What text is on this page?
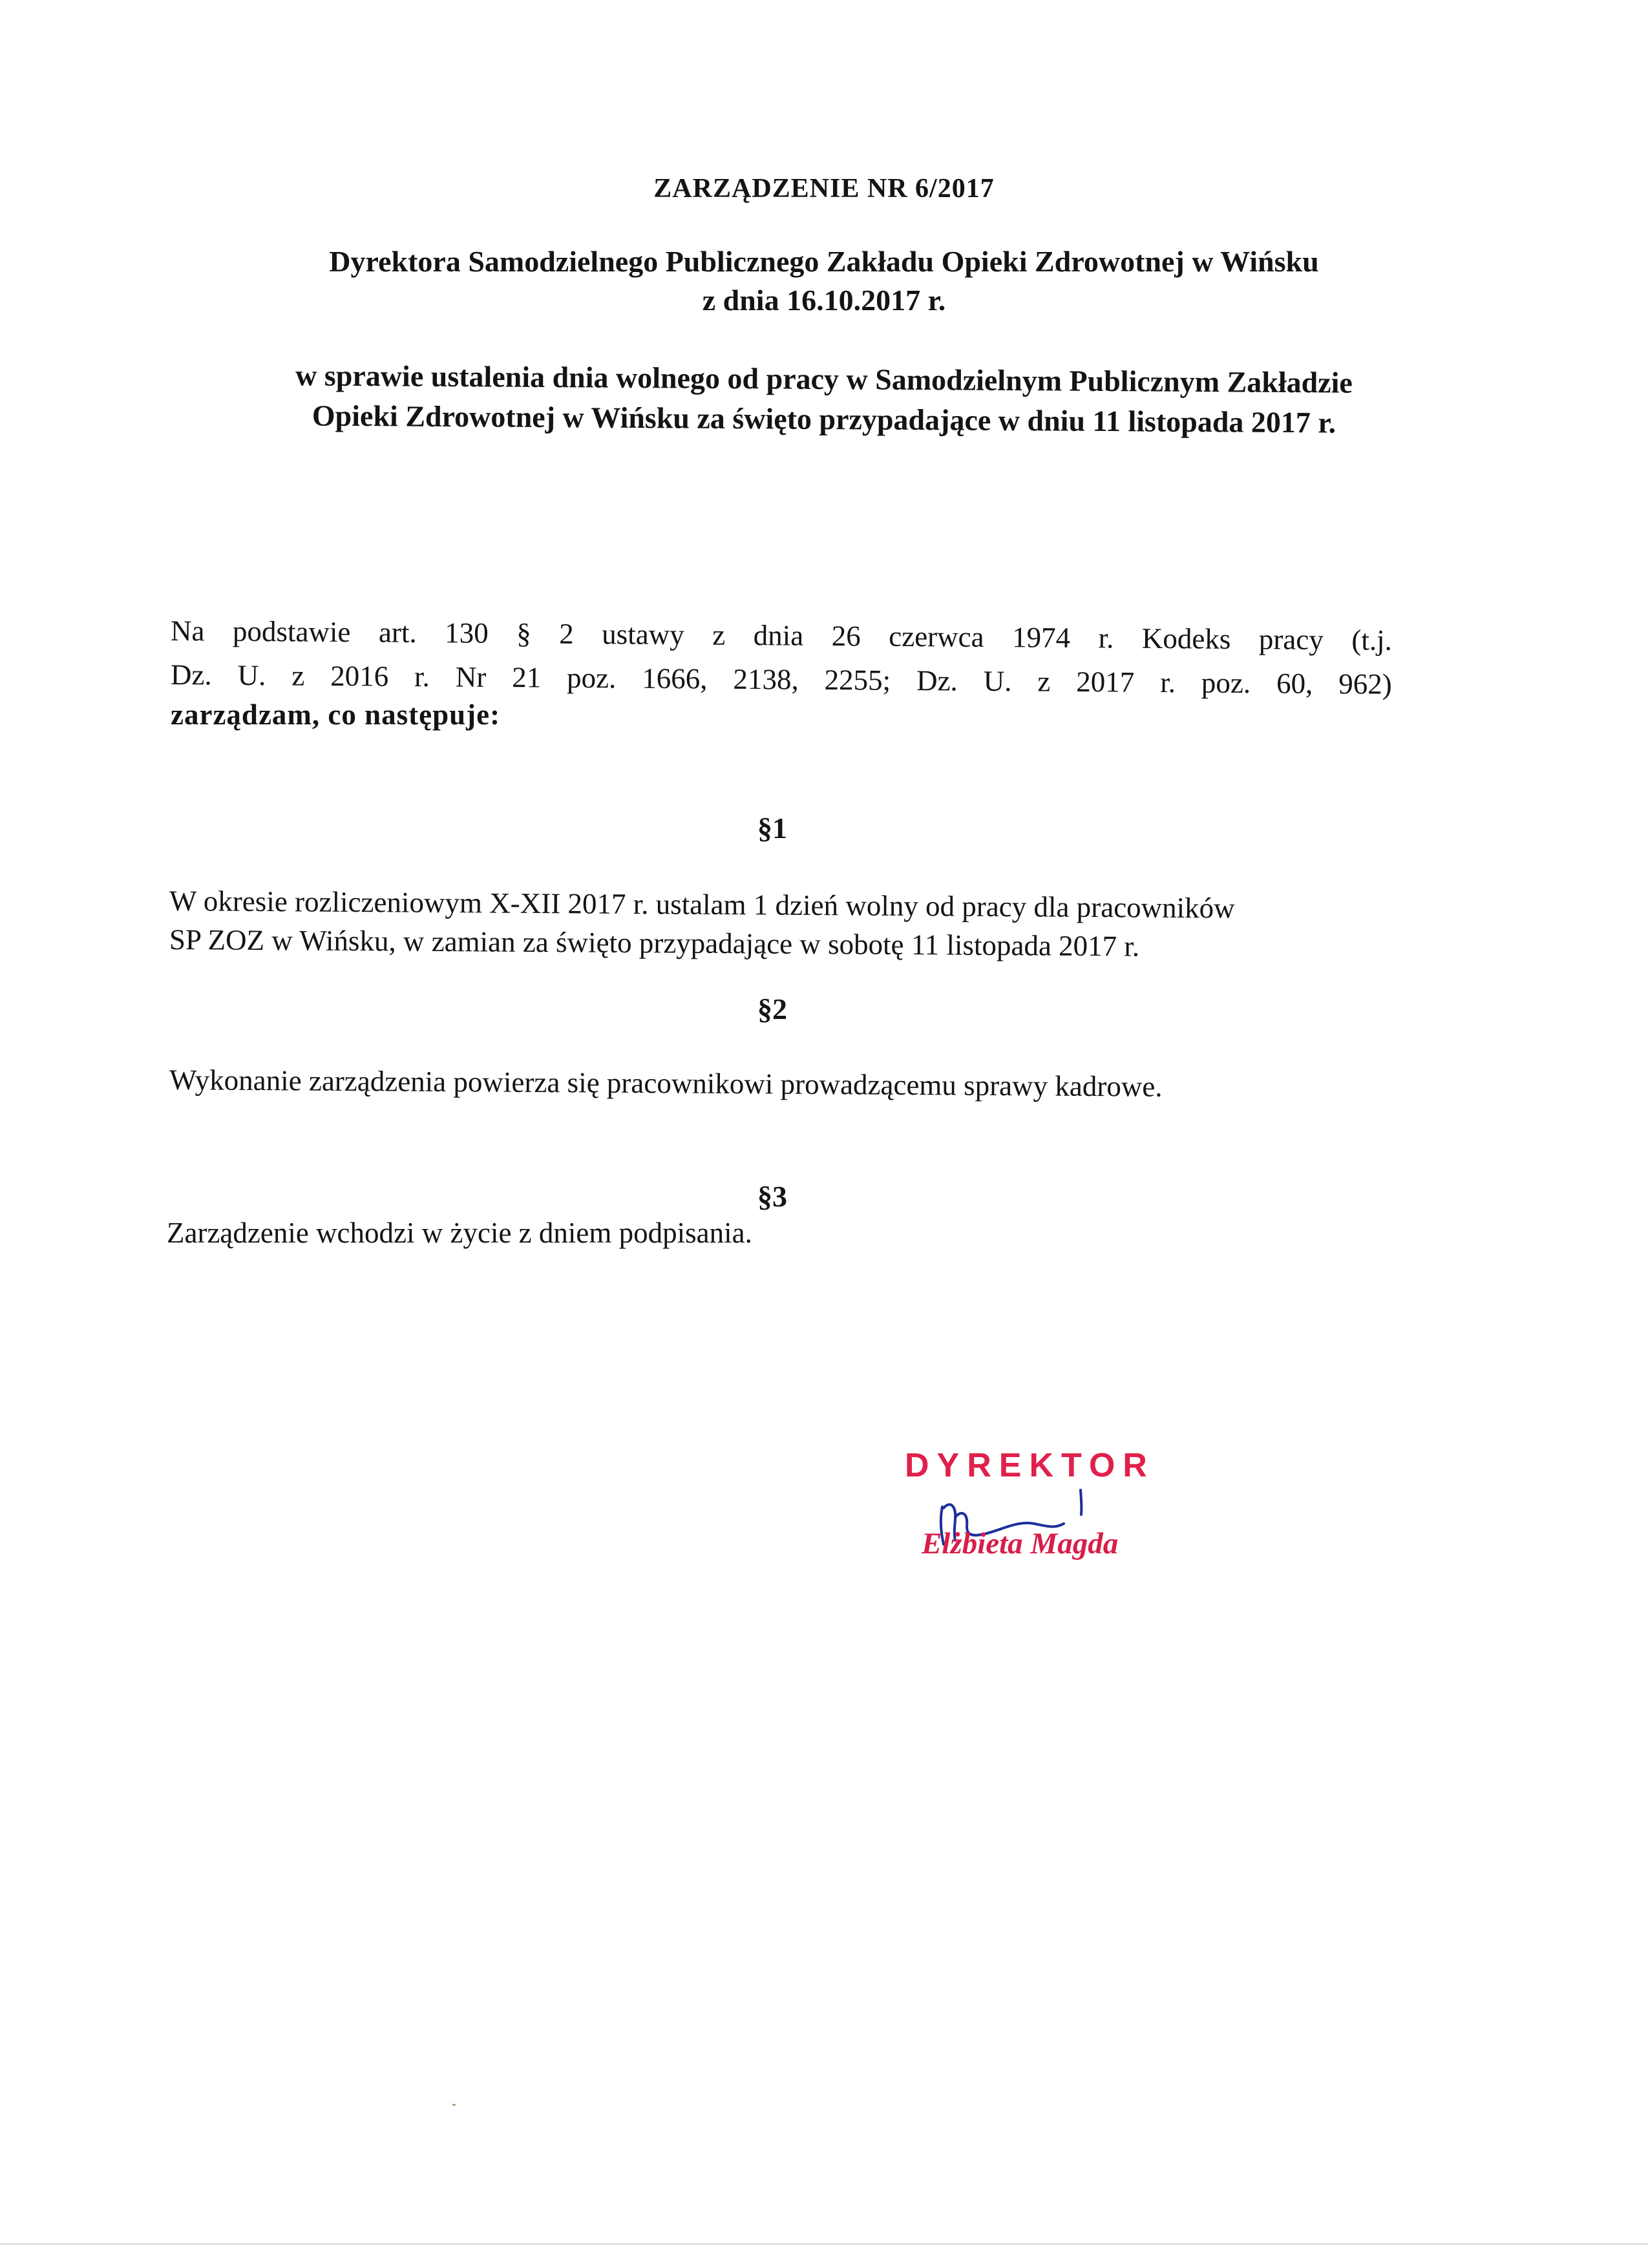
ZARZĄDZENIE NR 6/2017
Dyrektora Samodzielnego Publicznego Zakładu Opieki Zdrowotnej w Wińsku
z dnia 16.10.2017 r.
w sprawie ustalenia dnia wolnego od pracy w Samodzielnym Publicznym Zakładzie
Opieki Zdrowotnej w Wińsku za święto przypadające w dniu 11 listopada 2017 r.
Na podstawie art. 130 § 2 ustawy z dnia 26 czerwca 1974 r. Kodeks pracy (t.j.
Dz. U. z 2016 r. Nr 21 poz. 1666, 2138, 2255; Dz. U. z 2017 r. poz. 60, 962)
zarządzam, co następuje:
§1
W okresie rozliczeniowym X-XII 2017 r. ustalam 1 dzień wolny od pracy dla pracowników
SP ZOZ w Wińsku, w zamian za święto przypadające w sobotę 11 listopada 2017 r.
§2
Wykonanie zarządzenia powierza się pracownikowi prowadzącemu sprawy kadrowe.
§3
Zarządzenie wchodzi w życie z dniem podpisania.
DYREKTOR
Elżbieta Magda
